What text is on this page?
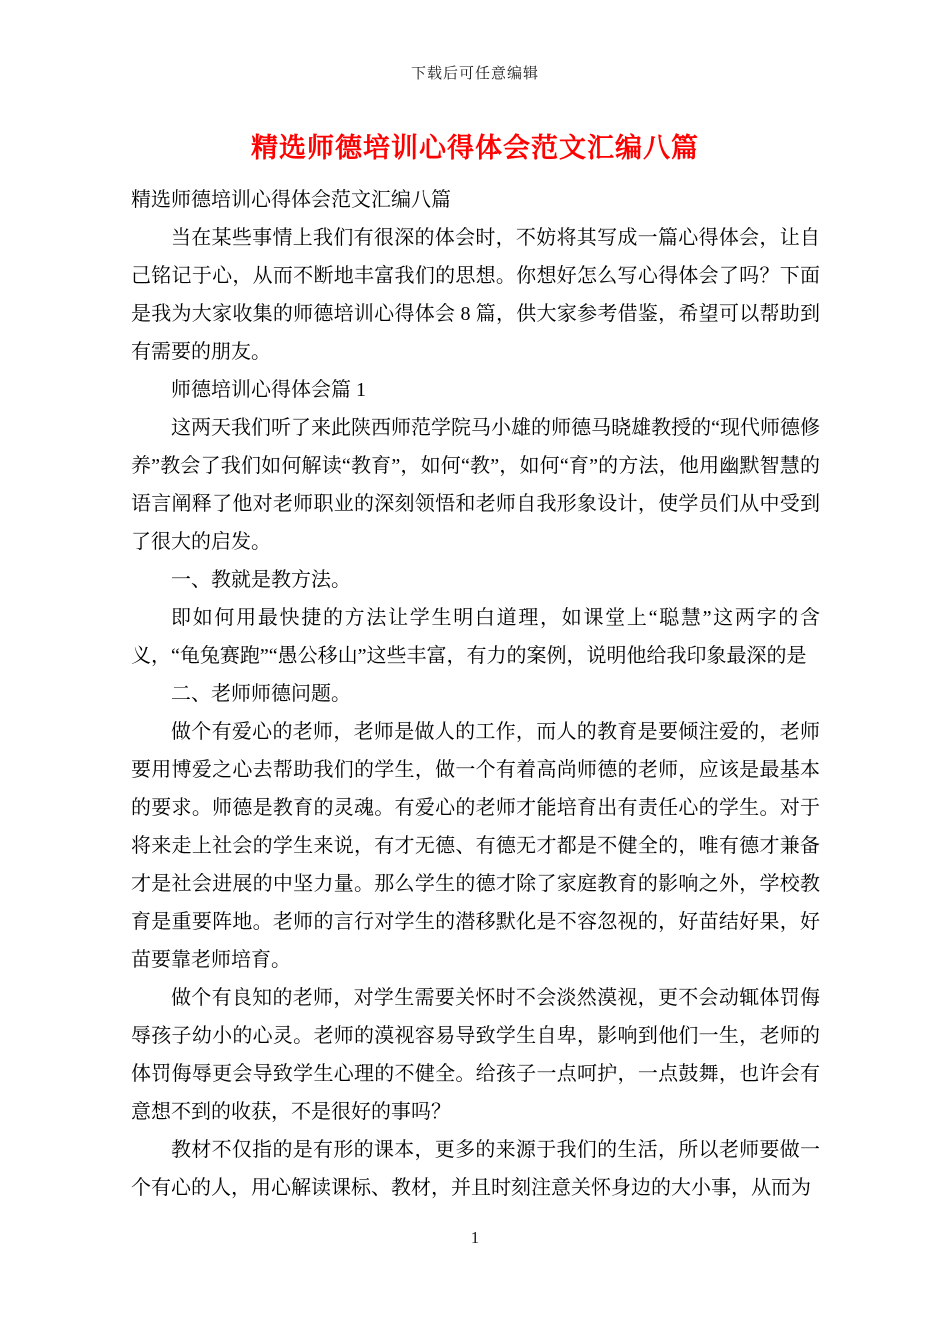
下载后可任意编辑
精选师德培训心得体会范文汇编八篇

精选师德培训心得体会范文汇编八篇

当在某些事情上我们有很深的体会时，不妨将其写成一篇心得体会，让自己铭记于心，从而不断地丰富我们的思想。你想好怎么写心得体会了吗？下面是我为大家收集的师德培训心得体会 8 篇，供大家参考借鉴，希望可以帮助到有需要的朋友。

师德培训心得体会篇 1

这两天我们听了来此陕西师范学院马小雄的师德马晓雄教授的“现代师德修养”教会了我们如何解读“教育”，如何“教”，如何“育”的方法，他用幽默智慧的语言阐释了他对老师职业的深刻领悟和老师自我形象设计，使学员们从中受到了很大的启发。

一、教就是教方法。

即如何用最快捷的方法让学生明白道理，如课堂上“聪慧”这两字的含义，“龟兔赛跑”“愚公移山”这些丰富，有力的案例，说明他给我印象最深的是

二、老师师德问题。

做个有爱心的老师，老师是做人的工作，而人的教育是要倾注爱的，老师要用博爱之心去帮助我们的学生，做一个有着高尚师德的老师，应该是最基本的要求。师德是教育的灵魂。有爱心的老师才能培育出有责任心的学生。对于将来走上社会的学生来说，有才无德、有德无才都是不健全的，唯有德才兼备才是社会进展的中坚力量。那么学生的德才除了家庭教育的影响之外，学校教育是重要阵地。老师的言行对学生的潜移默化是不容忽视的，好苗结好果，好苗要靠老师培育。

做个有良知的老师，对学生需要关怀时不会淡然漠视，更不会动辄体罚侮辱孩子幼小的心灵。老师的漠视容易导致学生自卑，影响到他们一生，老师的体罚侮辱更会导致学生心理的不健全。给孩子一点呵护，一点鼓舞，也许会有意想不到的收获，不是很好的事吗？

教材不仅指的是有形的课本，更多的来源于我们的生活，所以老师要做一个有心的人，用心解读课标、教材，并且时刻注意关怀身边的大小事，从而为

1
